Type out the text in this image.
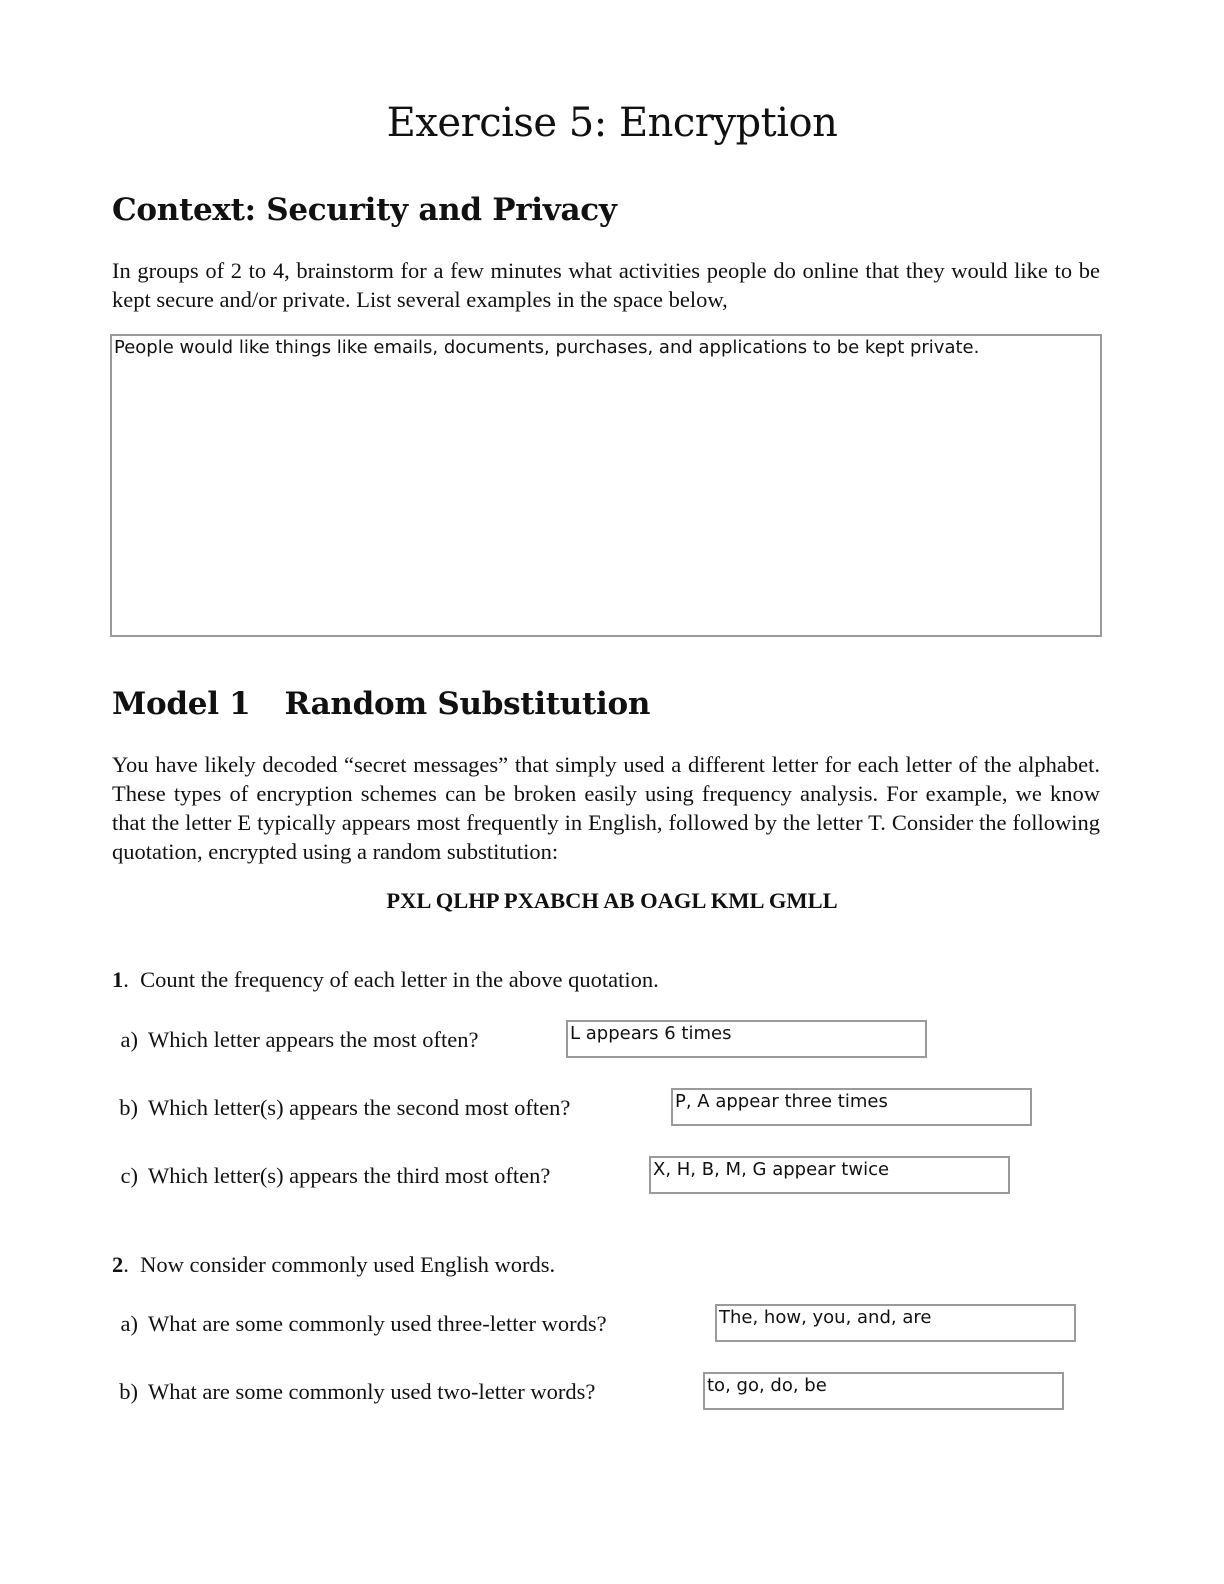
Exercise 5: Encryption
Context: Security and Privacy
In groups of 2 to 4, brainstorm for a few minutes what activities people do online that they would like to be kept secure and/or private. List several examples in the space below,
People would like things like emails, documents, purchases, and applications to be kept private.
Model 1 Random Substitution
You have likely decoded “secret messages” that simply used a different letter for each letter of the alphabet. These types of encryption schemes can be broken easily using frequency analysis. For example, we know that the letter E typically appears most frequently in English, followed by the letter T. Consider the following quotation, encrypted using a random substitution:
PXL QLHP PXABCH AB OAGL KML GMLL
1.  Count the frequency of each letter in the above quotation.
a) Which letter appears the most often?	L appears 6 times
b) Which letter(s) appears the second most often?	P, A appear three times
c) Which letter(s) appears the third most often?	X, H, B, M, G appear twice
2.  Now consider commonly used English words.
a) What are some commonly used three-letter words?	The, how, you, and, are
b) What are some commonly used two-letter words?	to, go, do, be
